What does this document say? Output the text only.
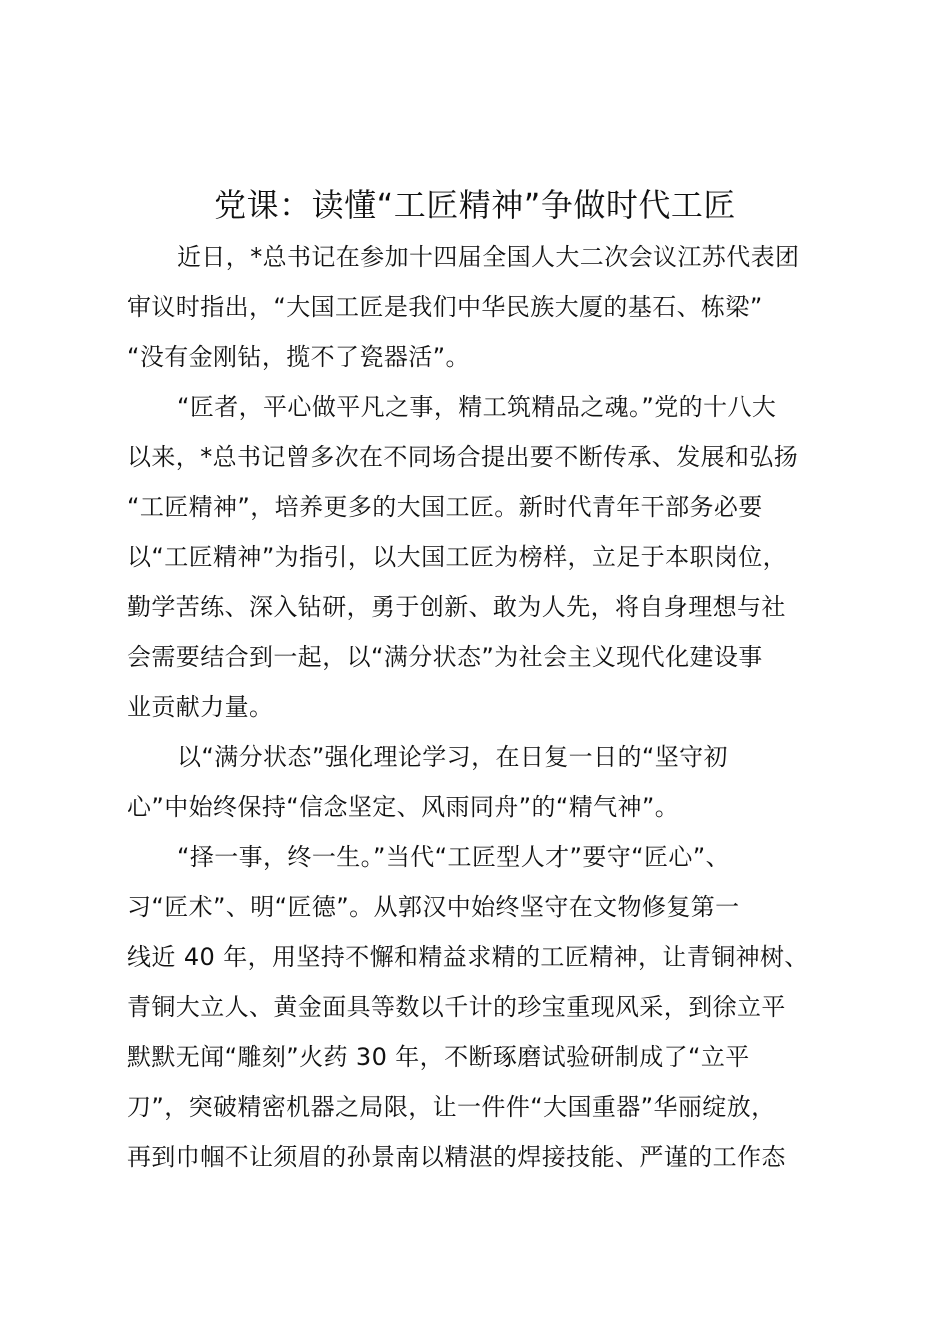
党课：读懂“工匠精神”争做时代工匠
近日，*总书记在参加十四届全国人大二次会议江苏代表团
审议时指出，“大国工匠是我们中华民族大厦的基石、栋梁”
“没有金刚钻，揽不了瓷器活”。
“匠者，平心做平凡之事，精工筑精品之魂。”党的十八大
以来，*总书记曾多次在不同场合提出要不断传承、发展和弘扬
“工匠精神”，培养更多的大国工匠。新时代青年干部务必要
以“工匠精神”为指引，以大国工匠为榜样，立足于本职岗位，
勤学苦练、深入钻研，勇于创新、敢为人先，将自身理想与社
会需要结合到一起，以“满分状态”为社会主义现代化建设事
业贡献力量。
以“满分状态”强化理论学习，在日复一日的“坚守初
心”中始终保持“信念坚定、风雨同舟”的“精气神”。
“择一事，终一生。”当代“工匠型人才”要守“匠心”、
习“匠术”、明“匠德”。从郭汉中始终坚守在文物修复第一
线近 40 年，用坚持不懈和精益求精的工匠精神，让青铜神树、
青铜大立人、黄金面具等数以千计的珍宝重现风采，到徐立平
默默无闻“雕刻”火药 30 年，不断琢磨试验研制成了“立平
刀”，突破精密机器之局限，让一件件“大国重器”华丽绽放，
再到巾帼不让须眉的孙景南以精湛的焊接技能、严谨的工作态
